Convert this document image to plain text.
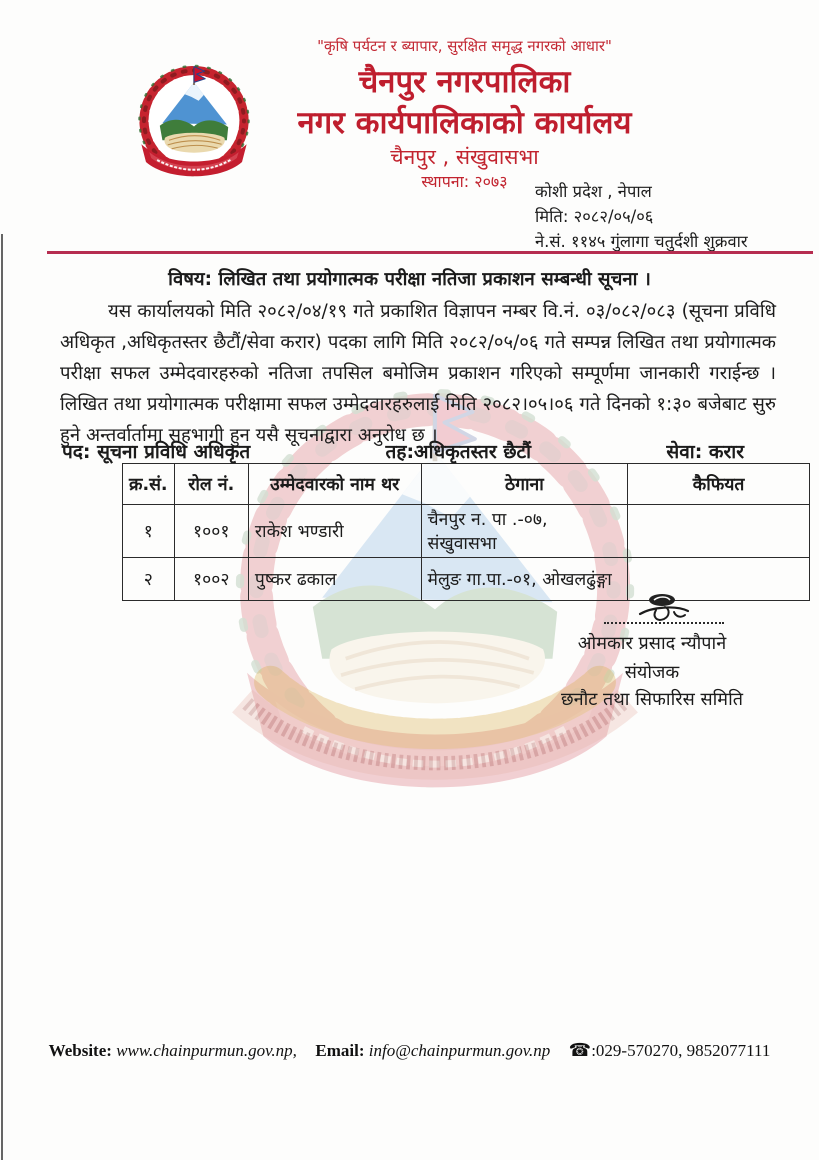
"कृषि पर्यटन र ब्यापार, सुरक्षित समृद्ध नगरको आधार"
चैनपुर नगरपालिका
नगर कार्यपालिकाको कार्यालय
चैनपुर , संखुवासभा
स्थापना: २०७३
कोशी प्रदेश , नेपाल
मिति: २०८२/०५/०६
ने.सं. ११४५ गुंलागा चतुर्दशी शुक्रवार
विषय: लिखित तथा प्रयोगात्मक परीक्षा नतिजा प्रकाशन सम्बन्धी सूचना ।
यस कार्यालयको मिति २०८२/०४/१९ गते प्रकाशित विज्ञापन नम्बर वि.नं. ०३/०८२/०८३ (सूचना प्रविधि अधिकृत ,अधिकृतस्तर छैटौं/सेवा करार) पदका लागि मिति २०८२/०५/०६ गते सम्पन्न लिखित तथा प्रयोगात्मक परीक्षा सफल उम्मेदवारहरुको नतिजा तपसिल बमोजिम प्रकाशन गरिएको सम्पूर्णमा जानकारी गराईन्छ । लिखित तथा प्रयोगात्मक परीक्षामा सफल उम्मेदवारहरुलाई मिति २०८२।०५।०६ गते दिनको १:३० बजेबाट सुरु हुने अन्तर्वार्तामा सहभागी हुन यसै सूचनाद्वारा अनुरोध छ ।
पद: सूचना प्रविधि अधिकृत	तह:अधिकृतस्तर छैटौं	सेवा: करार
क्र.सं.	रोल नं.	उम्मेदवारको नाम थर	ठेगाना	कैफियत
१	१००१	राकेश भण्डारी	चैनपुर न. पा .-०७, संखुवासभा	
२	१००२	पुष्कर ढकाल	मेलुङ गा.पा.-०१, ओखलढुंङ्गा	
ओमकार प्रसाद न्यौपाने
संयोजक
छनौट तथा सिफारिस समिति
Website: www.chainpurmun.gov.np, Email: info@chainpurmun.gov.np ☎:029-570270, 9852077111
